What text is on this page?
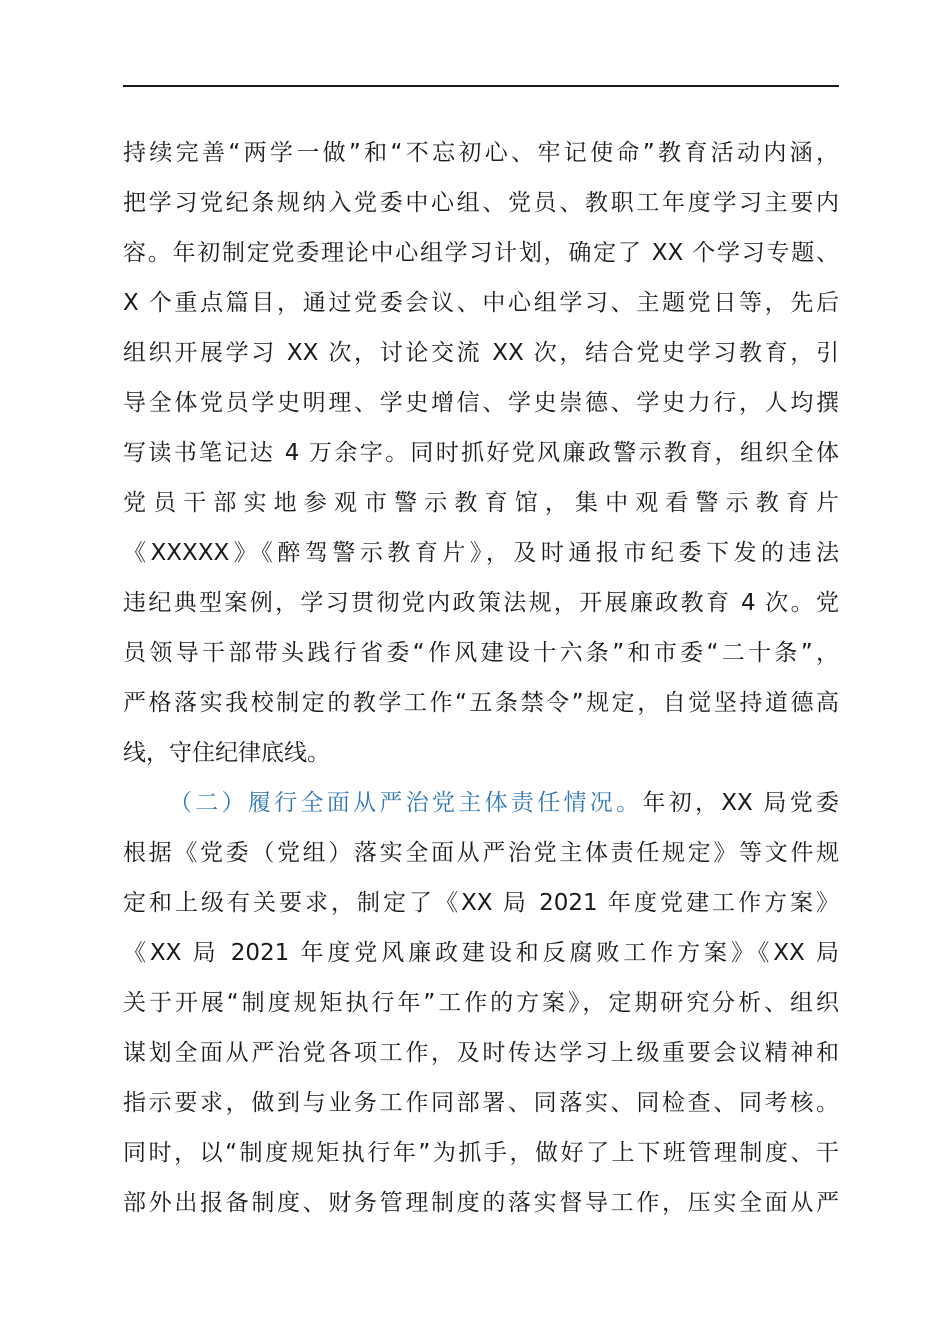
持续完善“两学一做”和“不忘初心、牢记使命”教育活动内涵，
把学习党纪条规纳入党委中心组、党员、教职工年度学习主要内
容。年初制定党委理论中心组学习计划，确定了 XX 个学习专题、
X 个重点篇目，通过党委会议、中心组学习、主题党日等，先后
组织开展学习 XX 次，讨论交流 XX 次，结合党史学习教育，引
导全体党员学史明理、学史增信、学史崇德、学史力行，人均撰
写读书笔记达 4 万余字。同时抓好党风廉政警示教育，组织全体
党员干部实地参观市警示教育馆，集中观看警示教育片
《XXXXX》《醉驾警示教育片》，及时通报市纪委下发的违法
违纪典型案例，学习贯彻党内政策法规，开展廉政教育 4 次。党
员领导干部带头践行省委“作风建设十六条”和市委“二十条”，
严格落实我校制定的教学工作“五条禁令”规定，自觉坚持道德高
线，守住纪律底线。
（二）履行全面从严治党主体责任情况。年初，XX 局党委
根据《党委（党组）落实全面从严治党主体责任规定》等文件规
定和上级有关要求，制定了《XX 局 2021 年度党建工作方案》
《XX 局 2021 年度党风廉政建设和反腐败工作方案》《XX 局
关于开展“制度规矩执行年”工作的方案》，定期研究分析、组织
谋划全面从严治党各项工作，及时传达学习上级重要会议精神和
指示要求，做到与业务工作同部署、同落实、同检查、同考核。
同时，以“制度规矩执行年”为抓手，做好了上下班管理制度、干
部外出报备制度、财务管理制度的落实督导工作，压实全面从严
